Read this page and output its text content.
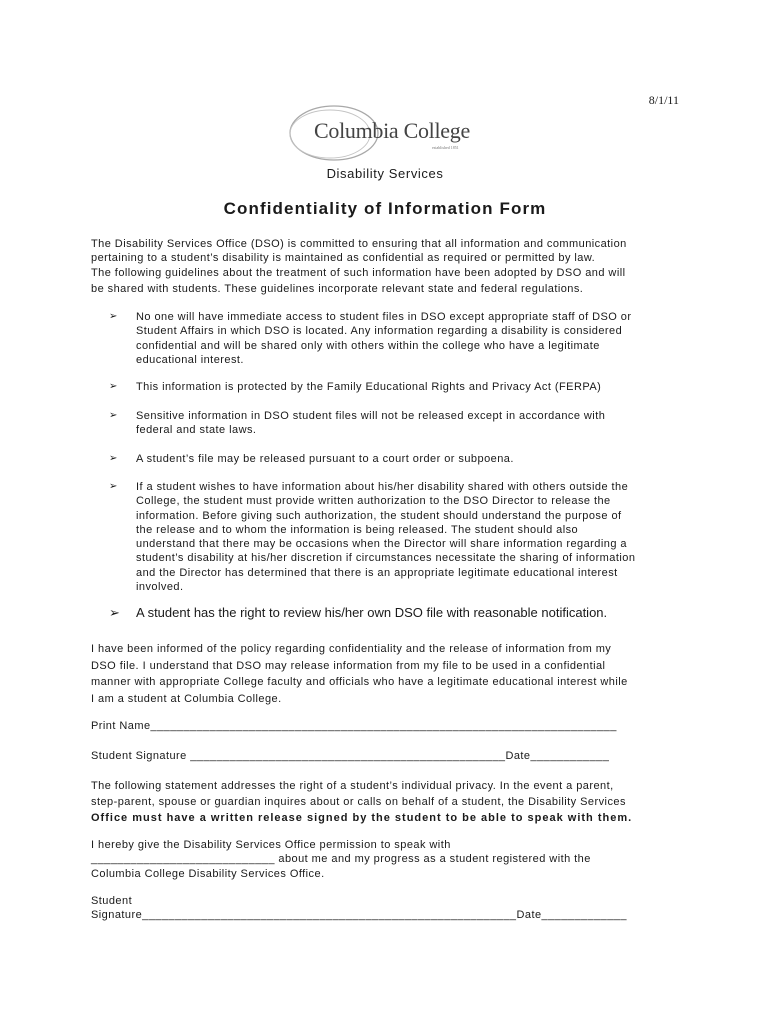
8/1/11
Columbia College
established 1851
Disability Services
Confidentiality of Information Form
The Disability Services Office (DSO) is committed to ensuring that all information and communication
pertaining to a student’s disability is maintained as confidential as required or permitted by law.
The following guidelines about the treatment of such information have been adopted by DSO and will
be shared with students. These guidelines incorporate relevant state and federal regulations.
➢	No one will have immediate access to student files in DSO except appropriate staff of DSO or
Student Affairs in which DSO is located. Any information regarding a disability is considered
confidential and will be shared only with others within the college who have a legitimate
educational interest.
➢	This information is protected by the Family Educational Rights and Privacy Act (FERPA)
➢	Sensitive information in DSO student files will not be released except in accordance with
federal and state laws.
➢	A student’s file may be released pursuant to a court order or subpoena.
➢	If a student wishes to have information about his/her disability shared with others outside the
College, the student must provide written authorization to the DSO Director to release the
information. Before giving such authorization, the student should understand the purpose of
the release and to whom the information is being released. The student should also
understand that there may be occasions when the Director will share information regarding a
student’s disability at his/her discretion if circumstances necessitate the sharing of information
and the Director has determined that there is an appropriate legitimate educational interest
involved.
➢ A student has the right to review his/her own DSO file with reasonable notification.
I have been informed of the policy regarding confidentiality and the release of information from my
DSO file. I understand that DSO may release information from my file to be used in a confidential
manner with appropriate College faculty and officials who have a legitimate educational interest while
I am a student at Columbia College.
Print Name_______________________________________________________________________
Student Signature ________________________________________________Date____________
The following statement addresses the right of a student’s individual privacy. In the event a parent,
step-parent, spouse or guardian inquires about or calls on behalf of a student, the Disability Services
Office must have a written release signed by the student to be able to speak with them.
I hereby give the Disability Services Office permission to speak with
____________________________ about me and my progress as a student registered with the
Columbia College Disability Services Office.
Student
Signature_________________________________________________________Date_____________
